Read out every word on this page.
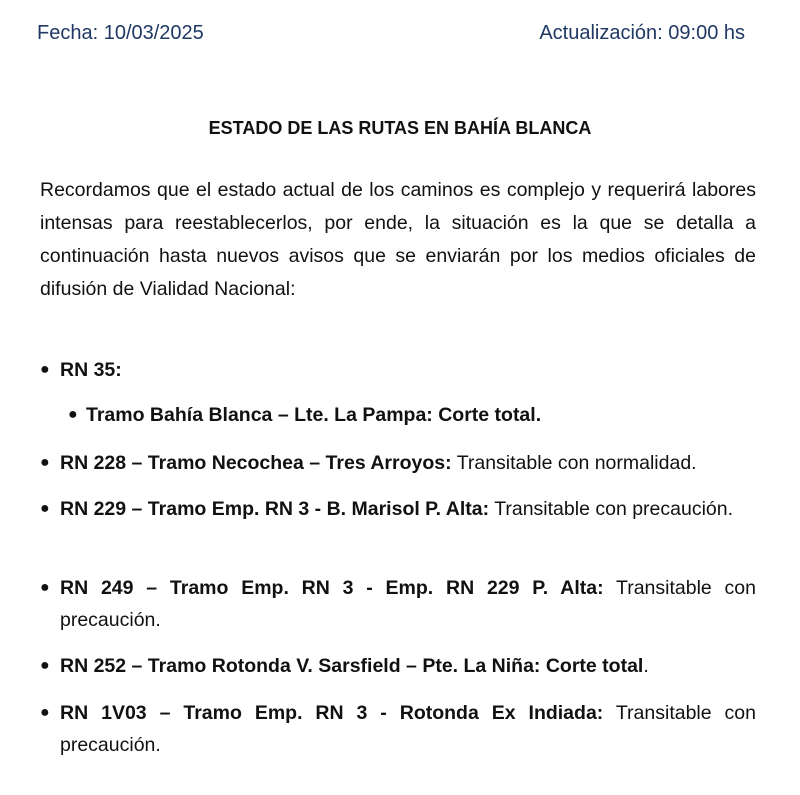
Fecha: 10/03/2025	Actualización: 09:00 hs
ESTADO DE LAS RUTAS EN BAHÍA BLANCA
Recordamos que el estado actual de los caminos es complejo y requerirá labores intensas para reestablecerlos, por ende, la situación es la que se detalla a continuación hasta nuevos avisos que se enviarán por los medios oficiales de difusión de Vialidad Nacional:
● RN 35:
● Tramo Bahía Blanca – Lte. La Pampa: Corte total.
● RN 228 – Tramo Necochea – Tres Arroyos: Transitable con normalidad.
● RN 229 – Tramo Emp. RN 3 - B. Marisol P. Alta: Transitable con precaución.
● RN 249 – Tramo Emp. RN 3 - Emp. RN 229 P. Alta: Transitable con precaución.
● RN 252 – Tramo Rotonda V. Sarsfield – Pte. La Niña: Corte total.
● RN 1V03 – Tramo Emp. RN 3 - Rotonda Ex Indiada: Transitable con precaución.
